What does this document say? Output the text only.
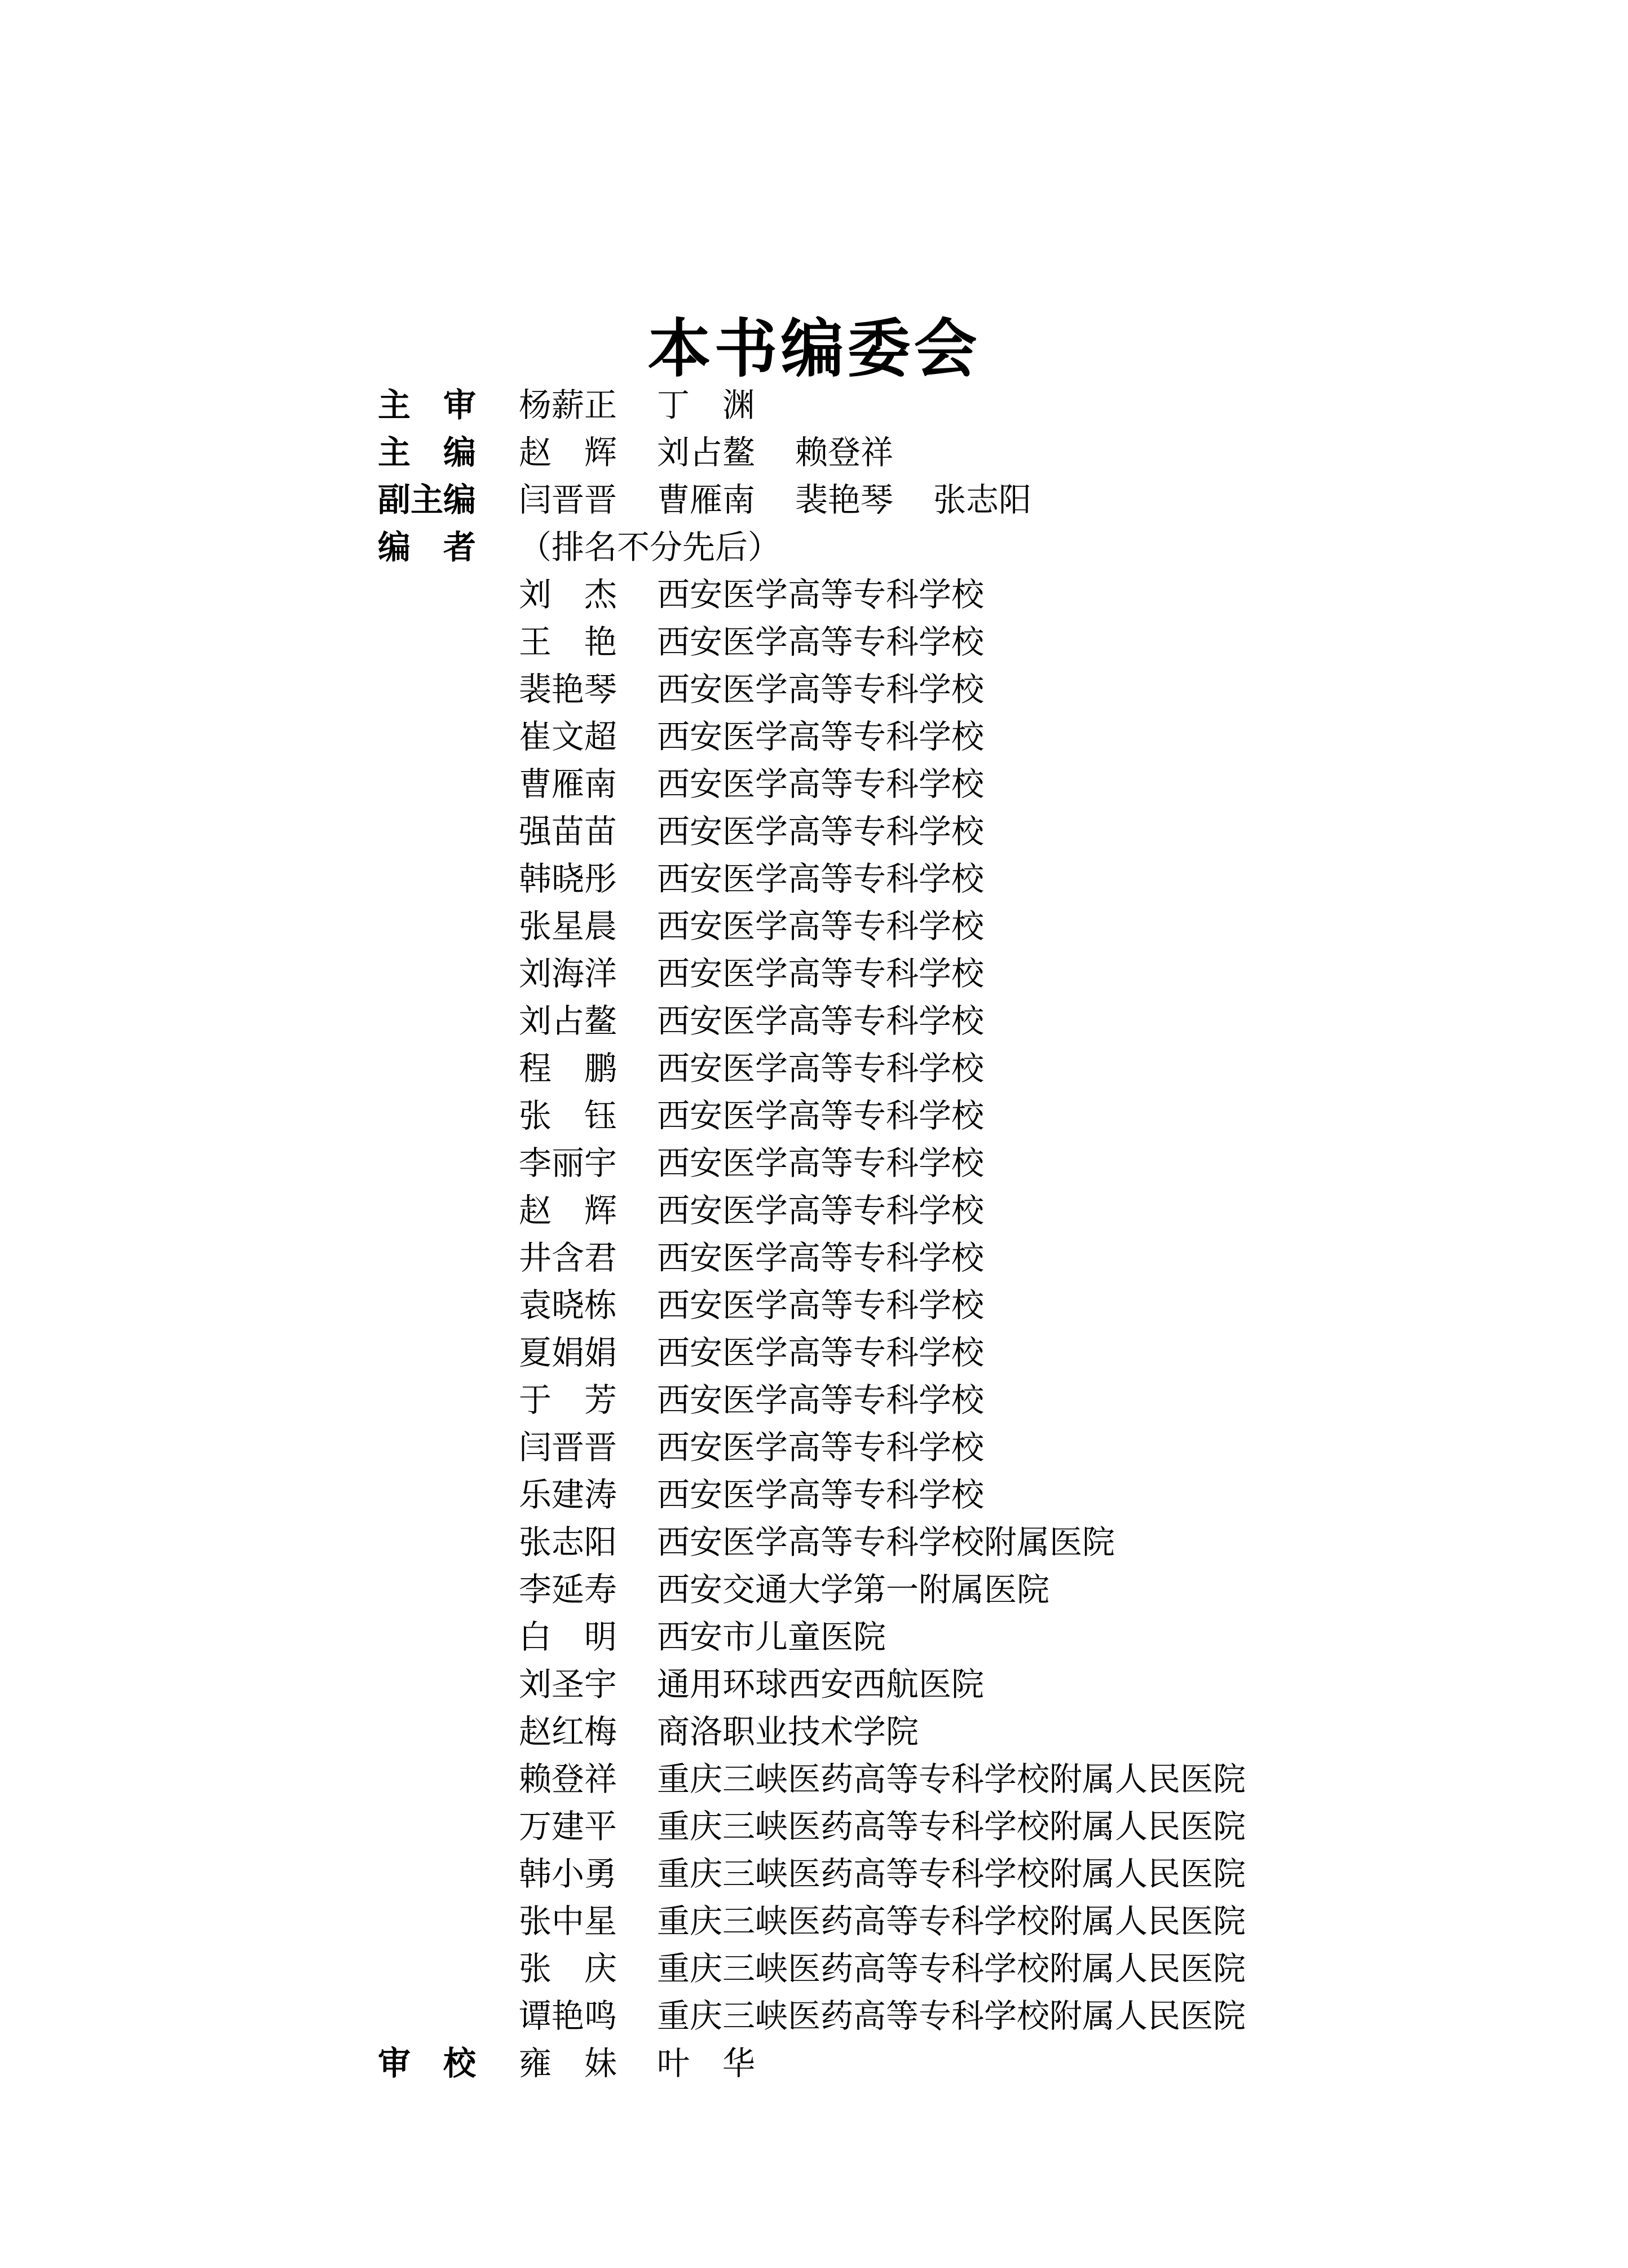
本书编委会
主 审	杨薪正	丁 渊
主 编	赵 辉	刘占鳌	赖登祥
副主编	闫晋晋	曹雁南	裴艳琴	张志阳
编 者	（排名不分先后）
刘 杰	西安医学高等专科学校
王 艳	西安医学高等专科学校
裴艳琴	西安医学高等专科学校
崔文超	西安医学高等专科学校
曹雁南	西安医学高等专科学校
强苗苗	西安医学高等专科学校
韩晓彤	西安医学高等专科学校
张星晨	西安医学高等专科学校
刘海洋	西安医学高等专科学校
刘占鳌	西安医学高等专科学校
程 鹏	西安医学高等专科学校
张 钰	西安医学高等专科学校
李丽宇	西安医学高等专科学校
赵 辉	西安医学高等专科学校
井含君	西安医学高等专科学校
袁晓栋	西安医学高等专科学校
夏娟娟	西安医学高等专科学校
于 芳	西安医学高等专科学校
闫晋晋	西安医学高等专科学校
乐建涛	西安医学高等专科学校
张志阳	西安医学高等专科学校附属医院
李延寿	西安交通大学第一附属医院
白 明	西安市儿童医院
刘圣宇	通用环球西安西航医院
赵红梅	商洛职业技术学院
赖登祥	重庆三峡医药高等专科学校附属人民医院
万建平	重庆三峡医药高等专科学校附属人民医院
韩小勇	重庆三峡医药高等专科学校附属人民医院
张中星	重庆三峡医药高等专科学校附属人民医院
张 庆	重庆三峡医药高等专科学校附属人民医院
谭艳鸣	重庆三峡医药高等专科学校附属人民医院
审 校	雍 妹	叶 华
